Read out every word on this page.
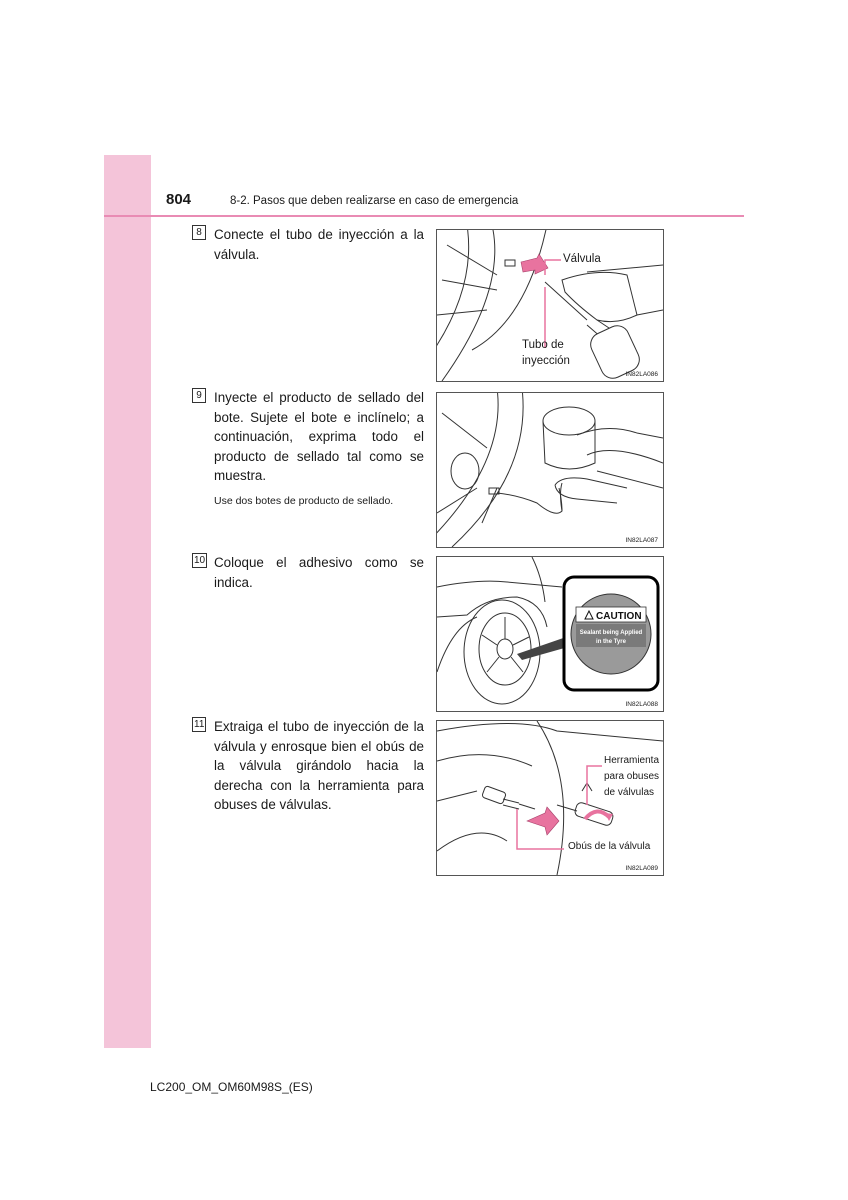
804	8-2. Pasos que deben realizarse en caso de emergencia
8 Conecte el tubo de inyección a la válvula.	Válvula
Tubo de
inyección
IN82LA086
9 Inyecte el producto de sellado del bote. Sujete el bote e inclínelo; a continuación, exprima todo el producto de sellado tal como se muestra.
Use dos botes de producto de sellado.
IN82LA087
10 Coloque el adhesivo como se indica.
CAUTION
Sealant being Applied
in the Tyre
IN82LA088
11 Extraiga el tubo de inyección de la válvula y enrosque bien el obús de la válvula girándolo hacia la derecha con la herramienta para obuses de válvulas.
Herramienta
para obuses
de válvulas
Obús de la válvula
IN82LA089
LC200_OM_OM60M98S_(ES)
